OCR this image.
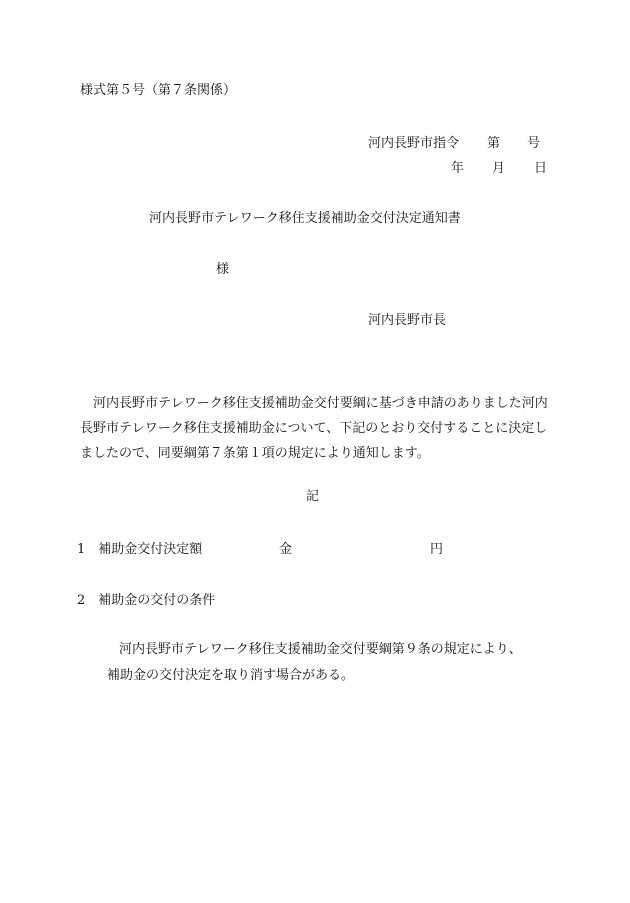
様式第５号（第７条関係）
河内長野市指令 第 号
年 月 日
河内長野市テレワーク移住支援補助金交付決定通知書
様
河内長野市長
河内長野市テレワーク移住支援補助金交付要綱に基づき申請のありました河内長野市テレワーク移住支援補助金について、下記のとおり交付することに決定しましたので、同要綱第７条第１項の規定により通知します。
記
1 補助金交付決定額	金	円
2 補助金の交付の条件
河内長野市テレワーク移住支援補助金交付要綱第９条の規定により、
補助金の交付決定を取り消す場合がある。
